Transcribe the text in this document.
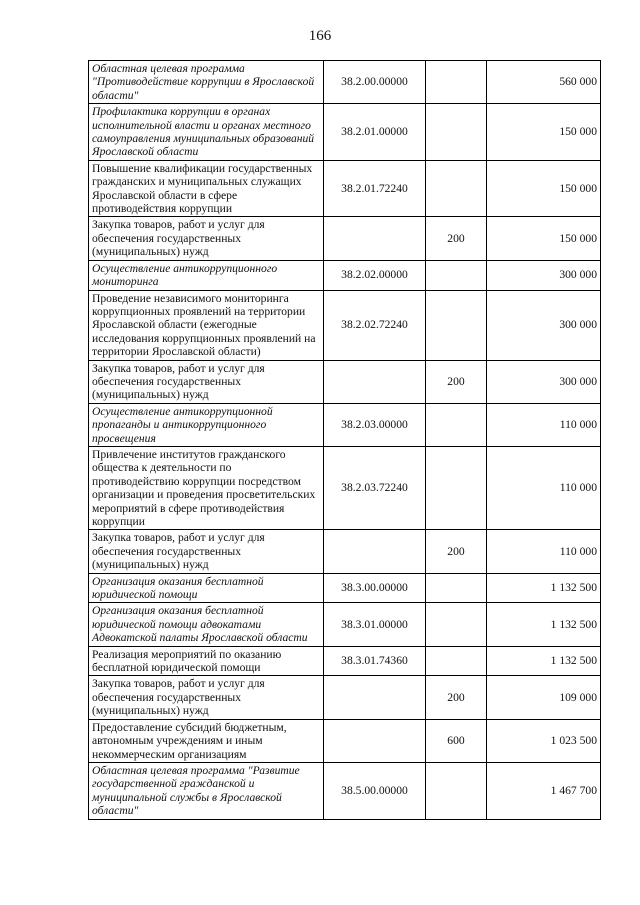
166
Областная целевая программа "Противодействие коррупции в Ярославской области"	38.2.00.00000		560 000
Профилактика коррупции в органах исполнительной власти и органах местного самоуправления муниципальных образований Ярославской области	38.2.01.00000		150 000
Повышение квалификации государственных гражданских и муниципальных служащих Ярославской области в сфере противодействия коррупции	38.2.01.72240		150 000
Закупка товаров, работ и услуг для обеспечения государственных (муниципальных) нужд		200	150 000
Осуществление антикоррупционного мониторинга	38.2.02.00000		300 000
Проведение независимого мониторинга коррупционных проявлений на территории Ярославской области (ежегодные исследования коррупционных проявлений на территории Ярославской области)	38.2.02.72240		300 000
Закупка товаров, работ и услуг для обеспечения государственных (муниципальных) нужд		200	300 000
Осуществление антикоррупционной пропаганды и антикоррупционного просвещения	38.2.03.00000		110 000
Привлечение институтов гражданского общества к деятельности по противодействию коррупции посредством организации и проведения просветительских мероприятий в сфере противодействия коррупции	38.2.03.72240		110 000
Закупка товаров, работ и услуг для обеспечения государственных (муниципальных) нужд		200	110 000
Организация оказания бесплатной юридической помощи	38.3.00.00000		1 132 500
Организация оказания бесплатной юридической помощи адвокатами Адвокатской палаты Ярославской области	38.3.01.00000		1 132 500
Реализация мероприятий по оказанию бесплатной юридической помощи	38.3.01.74360		1 132 500
Закупка товаров, работ и услуг для обеспечения государственных (муниципальных) нужд		200	109 000
Предоставление субсидий бюджетным, автономным учреждениям и иным некоммерческим организациям		600	1 023 500
Областная целевая программа "Развитие государственной гражданской и муниципальной службы в Ярославской области"	38.5.00.00000		1 467 700
